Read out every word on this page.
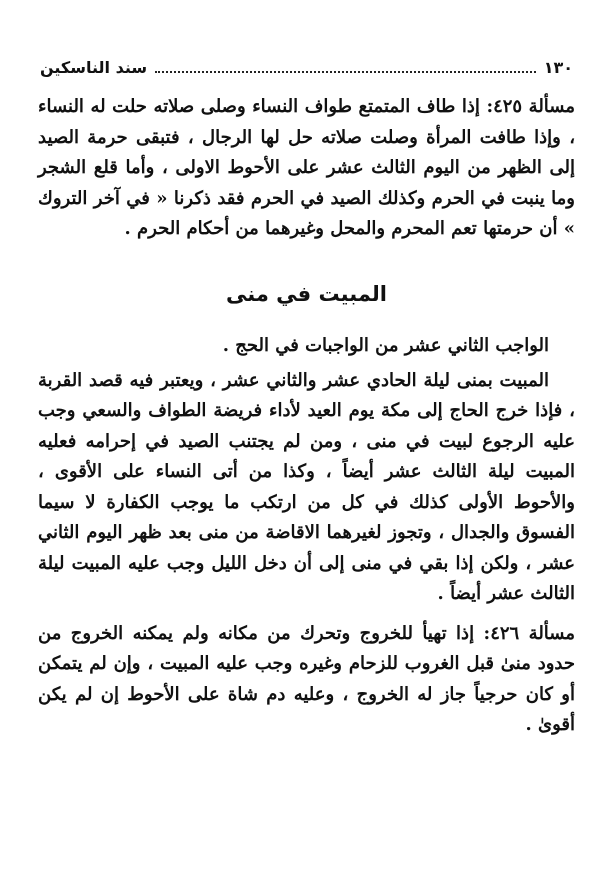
١٣٠
سند الناسكين

مسألة ٤٢٥: إذا طاف المتمتع طواف النساء وصلى صلاته حلت له النساء ، وإذا طافت المرأة وصلت صلاته حل لها الرجال ، فتبقى حرمة الصيد إلى الظهر من اليوم الثالث عشر على الأحوط الاولى ، وأما قلع الشجر وما ينبت في الحرم وكذلك الصيد في الحرم فقد ذكرنا « في آخر التروك » أن حرمتها تعم المحرم والمحل وغيرهما من أحكام الحرم .

المبيت في منى

الواجب الثاني عشر من الواجبات في الحج .

المبيت بمنى ليلة الحادي عشر والثاني عشر ، ويعتبر فيه قصد القربة ، فإذا خرج الحاج إلى مكة يوم العيد لأداء فريضة الطواف والسعي وجب عليه الرجوع لبيت في منى ، ومن لم يجتنب الصيد في إحرامه فعليه المبيت ليلة الثالث عشر أيضاً ، وكذا من أتى النساء على الأقوى ، والأحوط الأولى كذلك في كل من ارتكب ما يوجب الكفارة لا سيما الفسوق والجدال ، وتجوز لغيرهما الاقاضة من منى بعد ظهر اليوم الثاني عشر ، ولكن إذا بقي في منى إلى أن دخل الليل وجب عليه المبيت ليلة الثالث عشر أيضاً .

مسألة ٤٢٦: إذا تهيأ للخروج وتحرك من مكانه ولم يمكنه الخروج من حدود منىٰ قبل الغروب للزحام وغيره وجب عليه المبيت ، وإن لم يتمكن أو كان حرجياً جاز له الخروج ، وعليه دم شاة على الأحوط إن لم يكن أقوىٰ .
